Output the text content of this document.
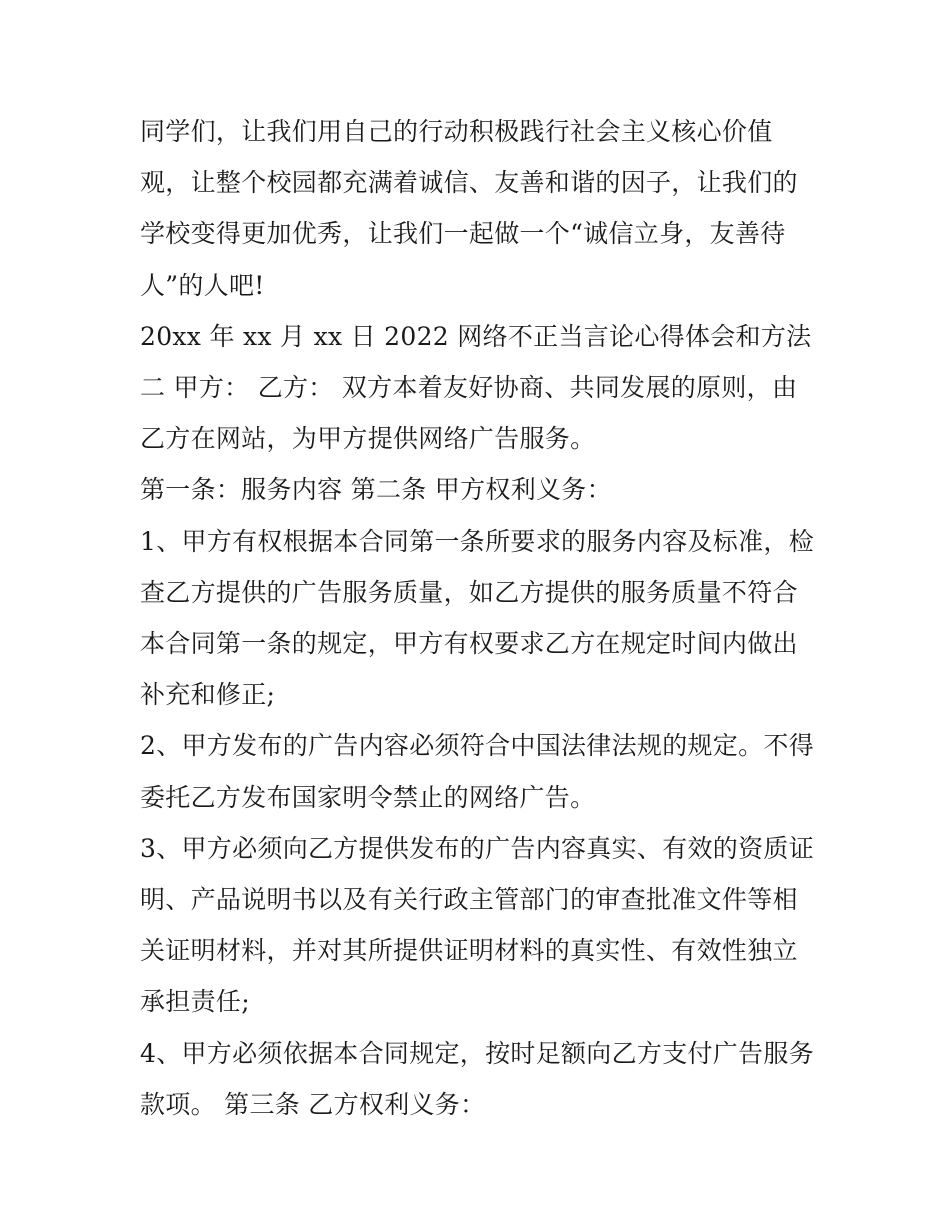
同学们，让我们用自己的行动积极践行社会主义核心价值观，让整个校园都充满着诚信、友善和谐的因子，让我们的学校变得更加优秀，让我们一起做一个“诚信立身，友善待人”的人吧!

20xx 年 xx 月 xx 日 2022 网络不正当言论心得体会和方法二 甲方： 乙方： 双方本着友好协商、共同发展的原则，由乙方在网站，为甲方提供网络广告服务。

第一条：服务内容 第二条 甲方权利义务：

1、甲方有权根据本合同第一条所要求的服务内容及标准，检查乙方提供的广告服务质量，如乙方提供的服务质量不符合本合同第一条的规定，甲方有权要求乙方在规定时间内做出补充和修正;

2、甲方发布的广告内容必须符合中国法律法规的规定。不得委托乙方发布国家明令禁止的网络广告。

3、甲方必须向乙方提供发布的广告内容真实、有效的资质证明、产品说明书以及有关行政主管部门的审查批准文件等相关证明材料，并对其所提供证明材料的真实性、有效性独立承担责任;

4、甲方必须依据本合同规定，按时足额向乙方支付广告服务款项。 第三条 乙方权利义务：
